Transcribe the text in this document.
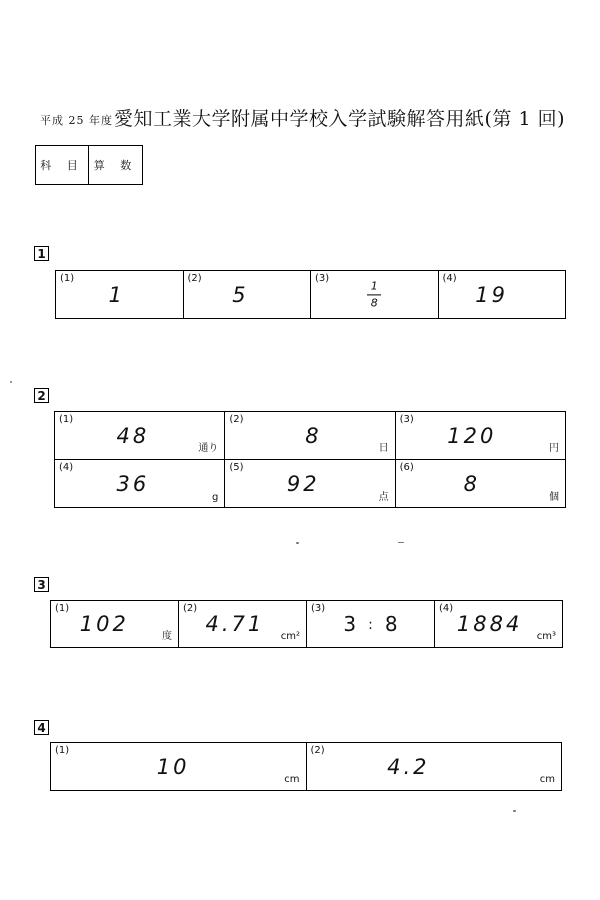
平成 25 年度 愛知工業大学附属中学校入学試験解答用紙(第 1 回)
科 目 算 数
1
(1)
1
(2)
5
(3)
1
8
(4)
19
2
(1)
48
通り
(2)
8
日
(3)
120
円
(4)
36
g
(5)
92
点
(6)
8
個
3
(1)
102
度
(2)
4.71
cm²
(3)
3 : 8
(4)
1884
cm³
4
(1)
10
cm
(2)
4.2
cm
